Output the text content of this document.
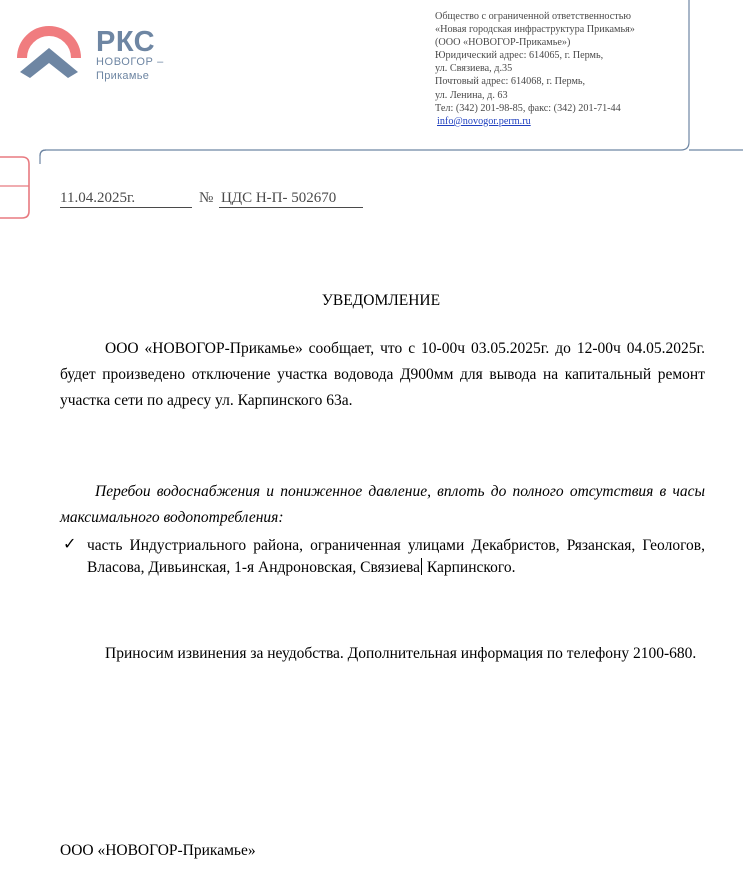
РКС
НОВОГОР –
Прикамье
Общество с ограниченной ответственностью
«Новая городская инфраструктура Прикамья»
(ООО «НОВОГОР-Прикамье»)
Юридический адрес: 614065, г. Пермь,
ул. Связиева, д.35
Почтовый адрес: 614068, г. Пермь,
ул. Ленина, д. 63
Тел: (342) 201-98-85, факс: (342) 201-71-44
info@novogor.perm.ru
11.04.2025г.	№ ЦДС Н-П- 502670
УВЕДОМЛЕНИЕ
ООО «НОВОГОР-Прикамье» сообщает, что с 10-00ч 03.05.2025г. до 12-00ч 04.05.2025г. будет произведено отключение участка водовода Д900мм для вывода на капитальный ремонт участка сети по адресу ул. Карпинского 63а.
Перебои водоснабжения и пониженное давление, вплоть до полного отсутствия в часы максимального водопотребления:
✓ часть Индустриального района, ограниченная улицами Декабристов, Рязанская, Геологов, Власова, Дивьинская, 1-я Андроновская, Связиева Карпинского.
Приносим извинения за неудобства. Дополнительная информация по телефону 2100-680.
ООО «НОВОГОР-Прикамье»
